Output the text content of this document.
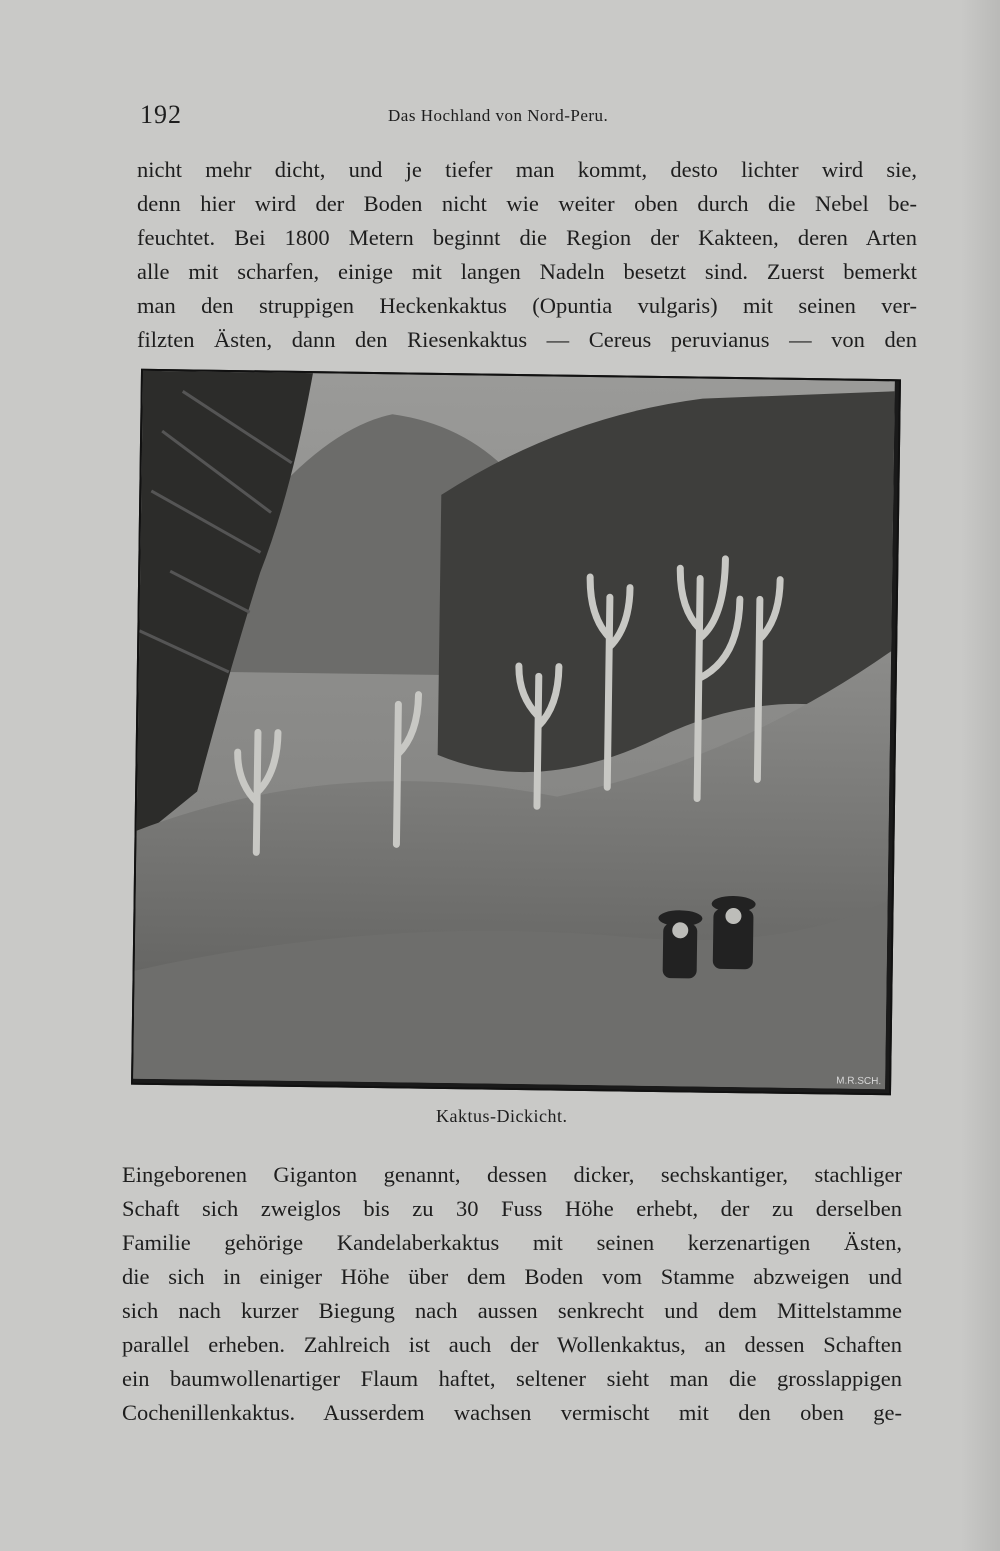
192	Das Hochland von Nord-Peru.

nicht mehr dicht, und je tiefer man kommt, desto lichter wird sie,
denn hier wird der Boden nicht wie weiter oben durch die Nebel be-
feuchtet. Bei 1800 Metern beginnt die Region der Kakteen, deren Arten
alle mit scharfen, einige mit langen Nadeln besetzt sind. Zuerst bemerkt
man den struppigen Heckenkaktus (Opuntia vulgaris) mit seinen ver-
filzten Ästen, dann den Riesenkaktus — Cereus peruvianus — von den

M.R.SCH.
Kaktus-Dickicht.

Eingeborenen Giganton genannt, dessen dicker, sechskantiger, stachliger
Schaft sich zweiglos bis zu 30 Fuss Höhe erhebt, der zu derselben
Familie gehörige Kandelaberkaktus mit seinen kerzenartigen Ästen,
die sich in einiger Höhe über dem Boden vom Stamme abzweigen und
sich nach kurzer Biegung nach aussen senkrecht und dem Mittelstamme
parallel erheben. Zahlreich ist auch der Wollenkaktus, an dessen Schaften
ein baumwollenartiger Flaum haftet, seltener sieht man die grosslappigen
Cochenillenkaktus. Ausserdem wachsen vermischt mit den oben ge-
